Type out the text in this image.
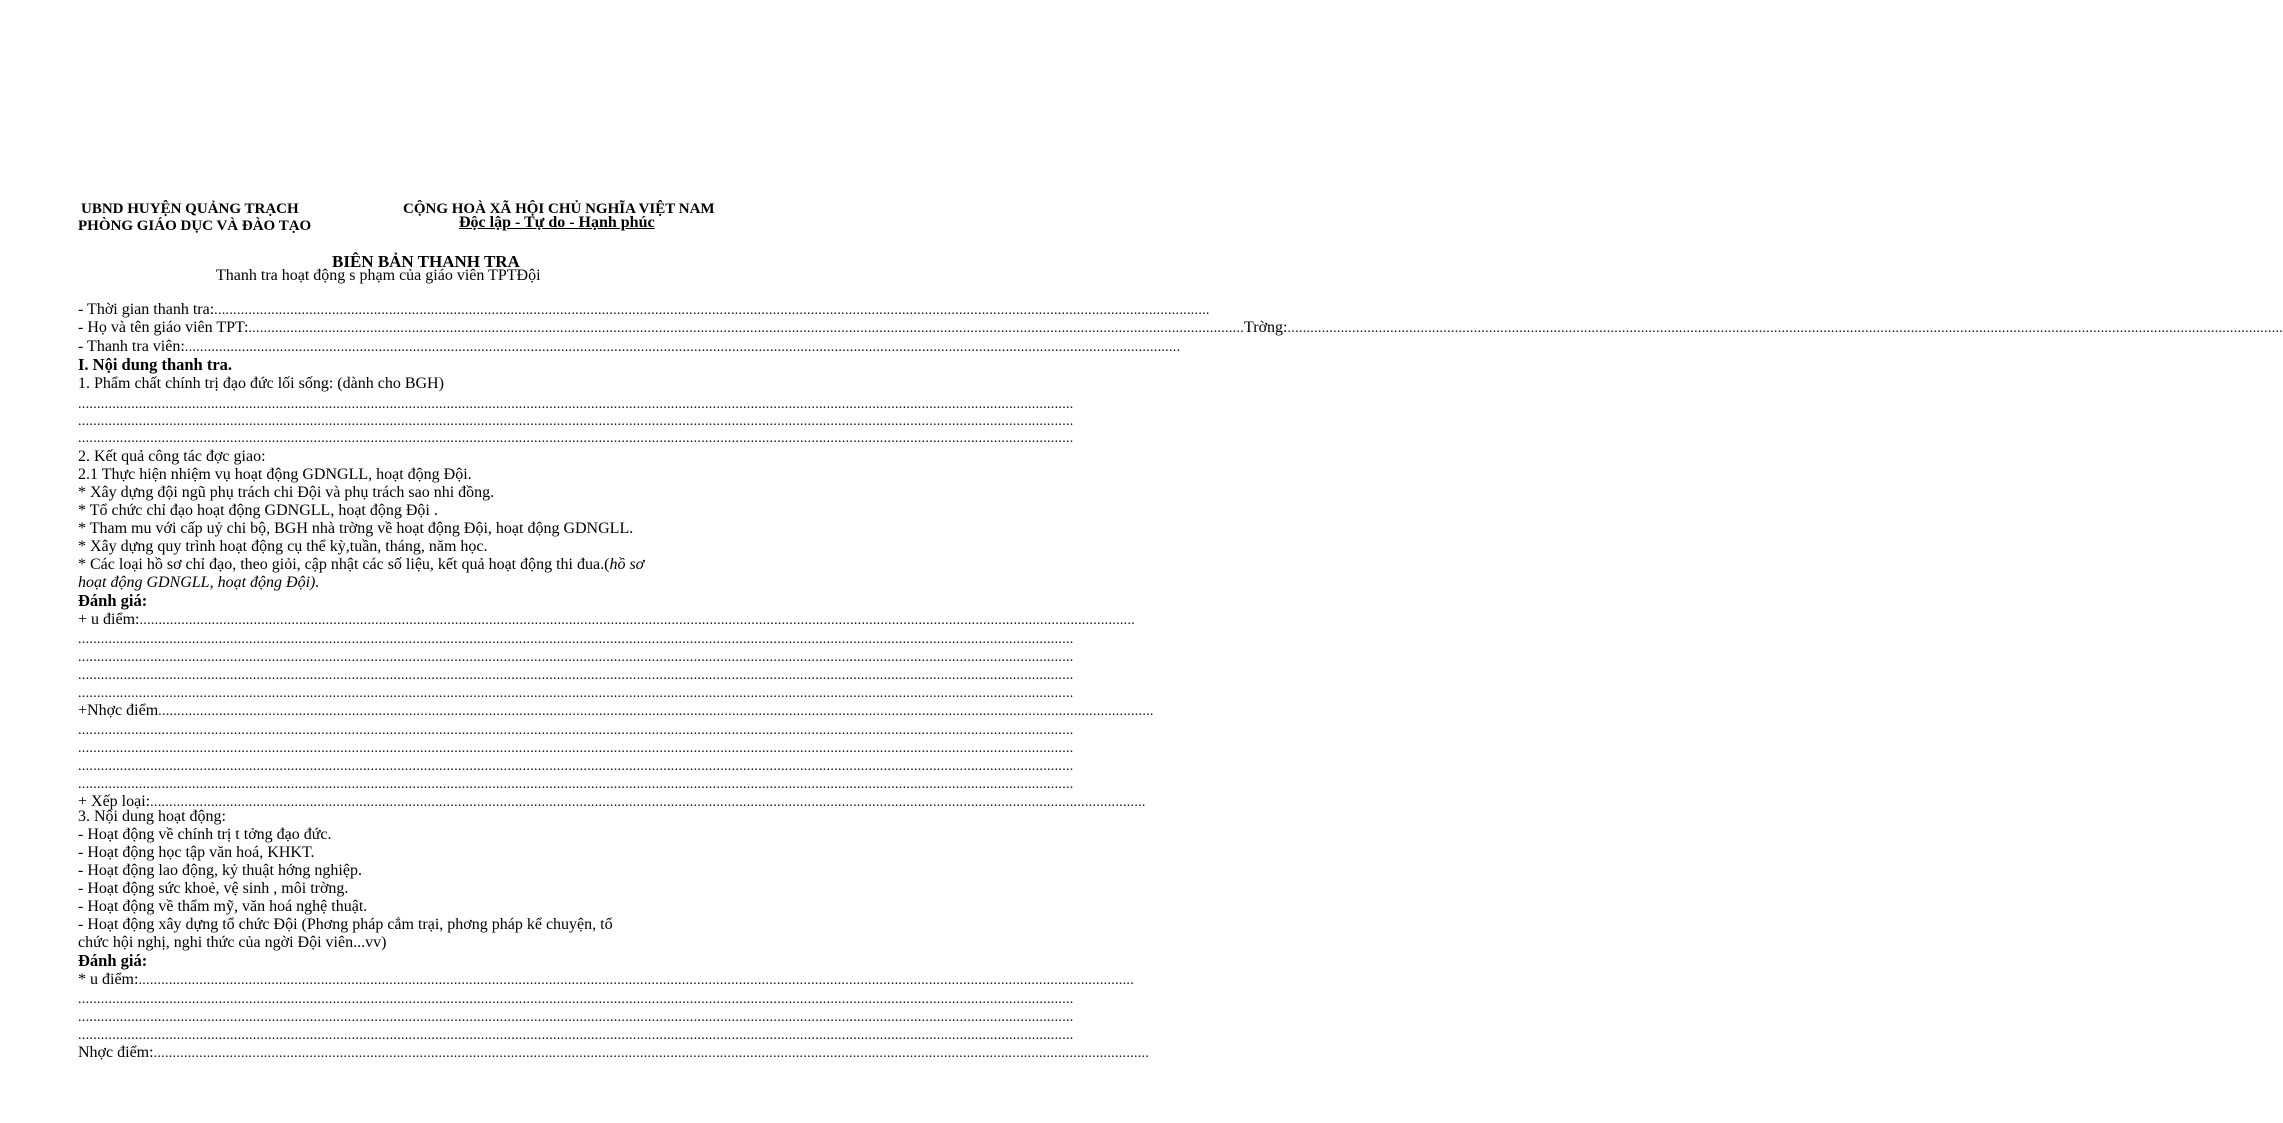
UBND HUYỆN QUẢNG TRẠCH
PHÒNG GIÁO DỤC VÀ ĐÀO TẠO
CỘNG HOÀ XÃ HỘI CHỦ NGHĨA VIỆT NAM
Độc lập - Tự do - Hạnh phúc
BIÊN BẢN THANH TRA
Thanh tra hoạt động s phạm của giáo viên TPTĐội
- Thời gian thanh tra: ......................................................................................................................................................................................................................................................................
- Họ và tên giáo viên TPT: ...................................................................................................................................................................................................................................................................... Trờng: ......................................................................................................................................................................................................................................................................
- Thanh tra viên: ......................................................................................................................................................................................................................................................................
I. Nội dung thanh tra.
1. Phẩm chất chính trị đạo đức lối sống: (dành cho BGH)
......................................................................................................................................................................................................................................................................
......................................................................................................................................................................................................................................................................
......................................................................................................................................................................................................................................................................
2. Kết quả công tác đợc giao:
2.1 Thực hiện nhiệm vụ hoạt động GDNGLL, hoạt động Đội.
* Xây dựng đội ngũ phụ trách chi Đội và phụ trách sao nhi đồng.
* Tổ chức chỉ đạo hoạt động GDNGLL, hoạt động Đội .
* Tham mu với cấp uỷ chi bộ, BGH nhà trờng về hoạt động Đội, hoạt động GDNGLL.
* Xây dựng quy trình hoạt động cụ thể kỳ,tuần, tháng, năm học.
* Các loại hồ sơ chỉ đạo, theo giỏi, cập nhật các số liệu, kết quả hoạt động thi đua.(hồ sơ
hoạt động GDNGLL, hoạt động Đội).
Đánh giá:
+ u điểm: ......................................................................................................................................................................................................................................................................
......................................................................................................................................................................................................................................................................
......................................................................................................................................................................................................................................................................
......................................................................................................................................................................................................................................................................
......................................................................................................................................................................................................................................................................
+Nhợc điểm ......................................................................................................................................................................................................................................................................
......................................................................................................................................................................................................................................................................
......................................................................................................................................................................................................................................................................
......................................................................................................................................................................................................................................................................
......................................................................................................................................................................................................................................................................
+ Xếp loại: ......................................................................................................................................................................................................................................................................
3. Nội dung hoạt động:
- Hoạt động về chính trị t tởng đạo đức.
- Hoạt động học tập văn hoá, KHKT.
- Hoạt động lao động, kỷ thuật hớng nghiệp.
- Hoạt động sức khoẻ, vệ sinh , môi trờng.
- Hoạt động về thẩm mỹ, văn hoá nghệ thuật.
- Hoạt động xây dựng tổ chức Đội (Phơng pháp cắm trại, phơng pháp kể chuyện, tổ
chức hội nghị, nghi thức của ngời Đội viên...vv)
Đánh giá:
* u điểm: ......................................................................................................................................................................................................................................................................
......................................................................................................................................................................................................................................................................
......................................................................................................................................................................................................................................................................
......................................................................................................................................................................................................................................................................
Nhợc điểm: ......................................................................................................................................................................................................................................................................
